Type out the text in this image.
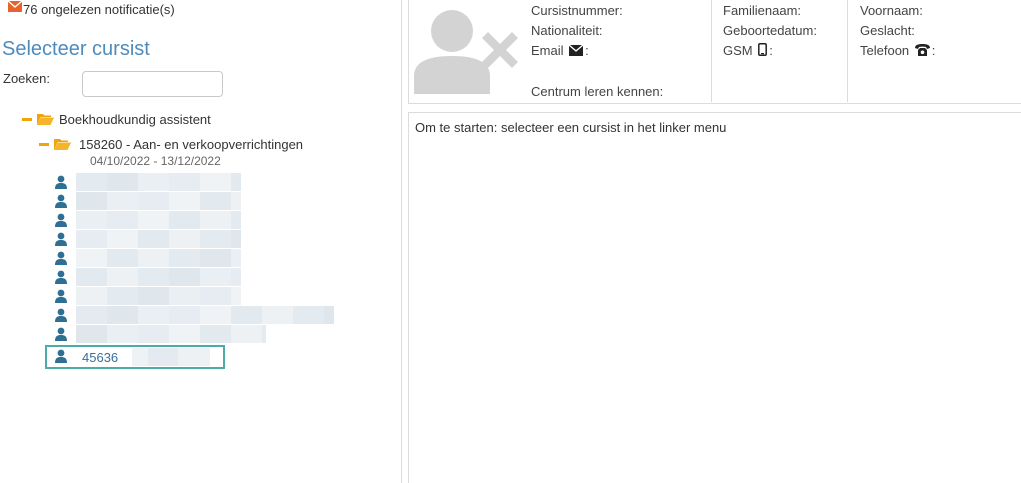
76 ongelezen notificatie(s)
Selecteer cursist
Zoeken:
Boekhoudkundig assistent
158260 - Aan- en verkoopverrichtingen
04/10/2022 - 13/12/2022
45636
Cursistnummer:
Nationaliteit:
Email :
Centrum leren kennen:
Familienaam:
Geboortedatum:
GSM :
Voornaam:
Geslacht:
Telefoon :
Om te starten: selecteer een cursist in het linker menu
